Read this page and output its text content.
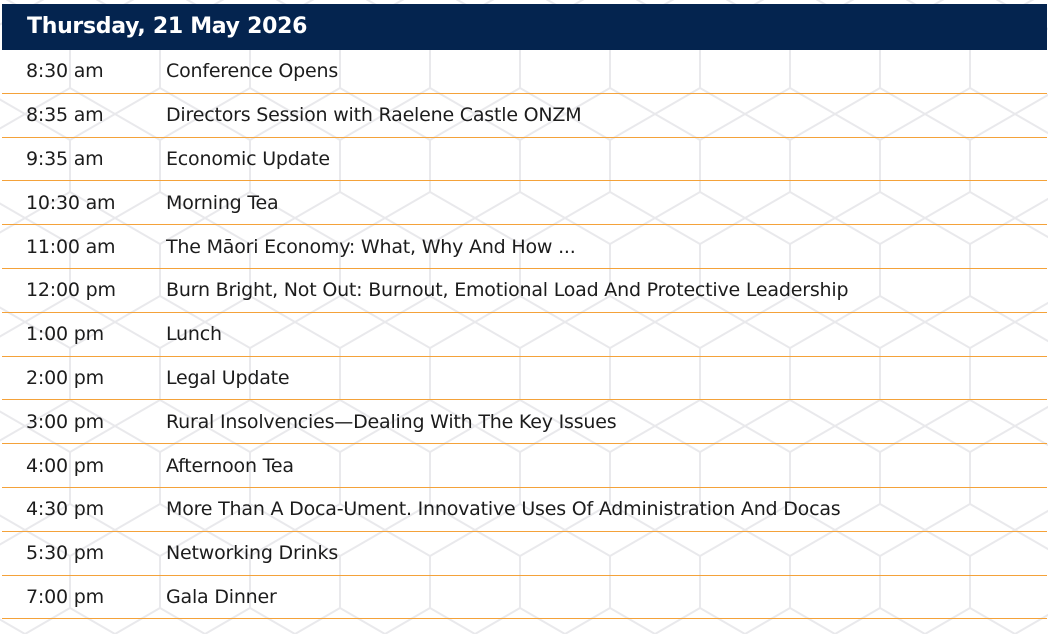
Thursday, 21 May 2026
8:30 am	Conference Opens
8:35 am	Directors Session with Raelene Castle ONZM
9:35 am	Economic Update
10:30 am	Morning Tea
11:00 am	The Māori Economy: What, Why And How ...
12:00 pm	Burn Bright, Not Out: Burnout, Emotional Load And Protective Leadership
1:00 pm	Lunch
2:00 pm	Legal Update
3:00 pm	Rural Insolvencies—Dealing With The Key Issues
4:00 pm	Afternoon Tea
4:30 pm	More Than A Doca-Ument. Innovative Uses Of Administration And Docas
5:30 pm	Networking Drinks
7:00 pm	Gala Dinner
